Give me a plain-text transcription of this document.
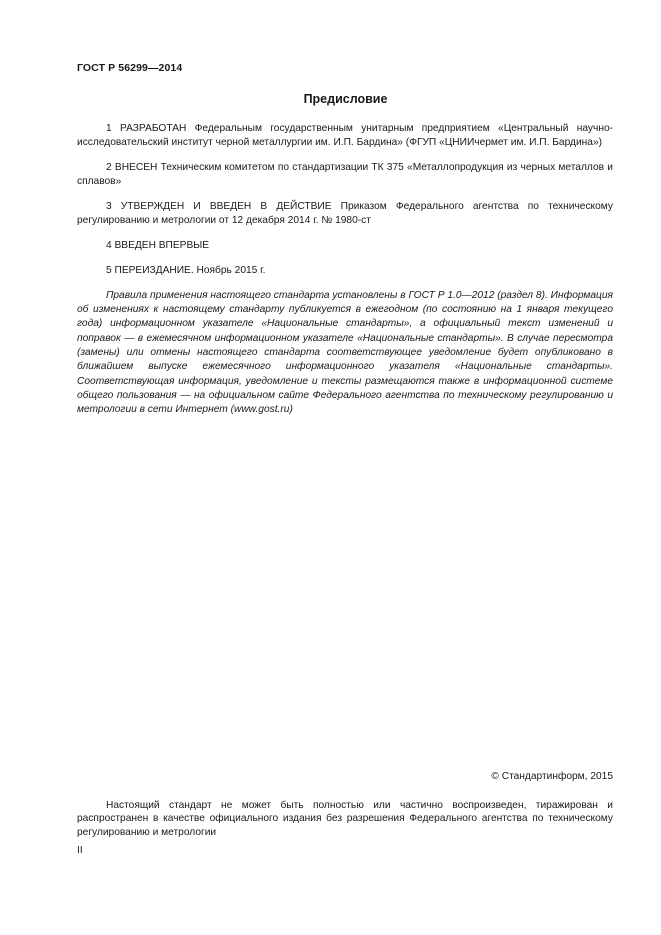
ГОСТ Р 56299—2014
Предисловие

1 РАЗРАБОТАН Федеральным государственным унитарным предприятием «Центральный научно-исследовательский институт черной металлургии им. И.П. Бардина» (ФГУП «ЦНИИчермет им. И.П. Бардина»)

2 ВНЕСЕН Техническим комитетом по стандартизации ТК 375 «Металлопродукция из черных металлов и сплавов»

3 УТВЕРЖДЕН И ВВЕДЕН В ДЕЙСТВИЕ Приказом Федерального агентства по техническому регулированию и метрологии от 12 декабря 2014 г. № 1980-ст

4 ВВЕДЕН ВПЕРВЫЕ

5 ПЕРЕИЗДАНИЕ. Ноябрь 2015 г.

Правила применения настоящего стандарта установлены в ГОСТ Р 1.0—2012 (раздел 8). Информация об изменениях к настоящему стандарту публикуется в ежегодном (по состоянию на 1 января текущего года) информационном указателе «Национальные стандарты», а официальный текст изменений и поправок — в ежемесячном информационном указателе «Национальные стандарты». В случае пересмотра (замены) или отмены настоящего стандарта соответствующее уведомление будет опубликовано в ближайшем выпуске ежемесячного информационного указателя «Национальные стандарты». Соответствующая информация, уведомление и тексты размещаются также в информационной системе общего пользования — на официальном сайте Федерального агентства по техническому регулированию и метрологии в сети Интернет (www.gost.ru)

© Стандартинформ, 2015

Настоящий стандарт не может быть полностью или частично воспроизведен, тиражирован и распространен в качестве официального издания без разрешения Федерального агентства по техническому регулированию и метрологии

II
